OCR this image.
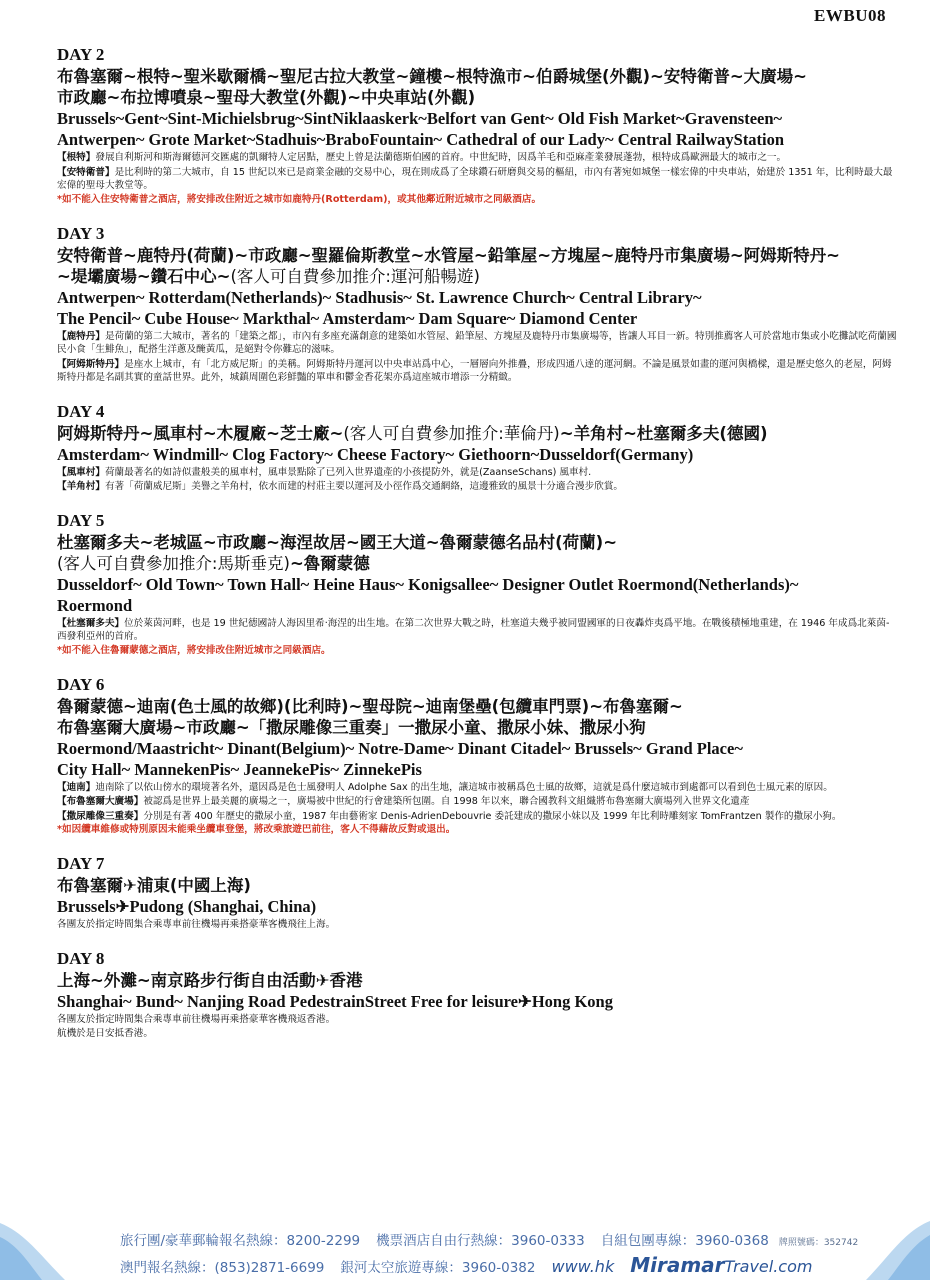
EWBU08
DAY 2
布魯塞爾~根特~聖米歇爾橋~聖尼古拉大教堂~鐘樓~根特漁市~伯爵城堡(外觀)~安特衛普~大廣場~
市政廳~布拉博噴泉~聖母大教堂(外觀)~中央車站(外觀)
Brussels~Gent~Sint-Michielsbrug~SintNiklaaskerk~Belfort van Gent~ Old Fish Market~Gravensteen~
Antwerpen~ Grote Market~Stadhuis~BraboFountain~ Cathedral of our Lady~ Central RailwayStation
【根特】發展自利斯河和斯海爾德河交匯處的凱爾特人定居點，歷史上曾是法蘭德斯伯國的首府。中世紀時，因爲羊毛和亞麻產業發展蓬勃，根特成爲歐洲最大的城市之一。
【安特衛普】是比利時的第二大城市，自 15 世紀以來已是商業金融的交易中心，現在則成爲了全球鑽石研磨與交易的樞紐，市內有著宛如城堡一樣宏偉的中央車站，始建於 1351 年，比利時最大最宏偉的聖母大教堂等。
*如不能入住安特衛普之酒店，將安排改住附近之城市如鹿特丹(Rotterdam)，或其他鄰近附近城市之同級酒店。
DAY 3
安特衛普~鹿特丹(荷蘭)~市政廳~聖羅倫斯教堂~水管屋~鉛筆屋~方塊屋~鹿特丹市集廣場~阿姆斯特丹~
~堤壩廣場~鑽石中心~(客人可自費參加推介:運河船暢遊)
Antwerpen~ Rotterdam(Netherlands)~ Stadhusis~ St. Lawrence Church~ Central Library~
The Pencil~ Cube House~ Markthal~ Amsterdam~ Dam Square~ Diamond Center
【鹿特丹】是荷蘭的第二大城市，著名的「建築之都」，市內有多座充滿創意的建築如水管屋、鉛筆屋、方塊屋及鹿特丹市集廣場等，皆讓人耳目一新。特別推薦客人可於當地市集或小吃攤試吃荷蘭國民小食「生鯡魚」，配搭生洋蔥及醃黃瓜，是絕對令你難忘的滋味。
【阿姆斯特丹】是座水上城市，有「北方威尼斯」的美稱。阿姆斯特丹運河以中央車站爲中心，一層層向外推疊，形成四通八達的運河網。不論是風景如畫的運河與橋樑，還是歷史悠久的老屋，阿姆斯特丹都是名副其實的童話世界。此外，城鎮周圍色彩鮮豔的單車和鬱金香花架亦爲這座城市增添一分精緻。
DAY 4
阿姆斯特丹~風車村~木履廠~芝士廠~(客人可自費參加推介:華倫丹)~羊角村~杜塞爾多夫(德國)
Amsterdam~ Windmill~ Clog Factory~ Cheese Factory~ Giethoorn~Dusseldorf(Germany)
【風車村】荷蘭最著名的如詩似畫般美的風車村，風車景點除了已列入世界遺產的小孩提防外，就是(ZaanseSchans) 風車村.
【羊角村】有著「荷蘭威尼斯」美譽之羊角村，依水而建的村莊主要以運河及小徑作爲交通網絡，這邊雅致的風景十分適合漫步欣賞。
DAY 5
杜塞爾多夫~老城區~市政廳~海涅故居~國王大道~魯爾蒙德名品村(荷蘭)~
(客人可自費參加推介:馬斯垂克)~魯爾蒙德
Dusseldorf~ Old Town~ Town Hall~ Heine Haus~ Konigsallee~ Designer Outlet Roermond(Netherlands)~
Roermond
【杜塞爾多夫】位於萊茵河畔，也是 19 世紀德國詩人海因里希·海涅的出生地。在第二次世界大戰之時，杜塞道夫幾乎被同盟國軍的日夜轟炸夷爲平地。在戰後積極地重建，在 1946 年成爲北萊茵-西發利亞州的首府。
*如不能入住魯爾蒙德之酒店，將安排改住附近城市之同級酒店。
DAY 6
魯爾蒙德~迪南(色士風的故鄉)(比利時)~聖母院~迪南堡壘(包纜車門票)~布魯塞爾~
布魯塞爾大廣場~市政廳~「撒尿雕像三重奏」一撒尿小童、撒尿小妹、撒尿小狗
Roermond/Maastricht~ Dinant(Belgium)~ Notre-Dame~ Dinant Citadel~ Brussels~ Grand Place~
City Hall~ MannekenPis~ JeannekePis~ ZinnekePis
【迪南】迪南除了以依山傍水的環境著名外，還因爲是色士風發明人 Adolphe Sax 的出生地，讓這城市被稱爲色士風的故鄉，這就是爲什麼這城市到處都可以看到色士風元素的原因。
【布魯塞爾大廣場】被認爲是世界上最美麗的廣場之一，廣場被中世紀的行會建築所包圍。自 1998 年以來，聯合國教科文組織將布魯塞爾大廣場列入世界文化遺產
【撒尿雕像三重奏】分別是有著 400 年歷史的撒尿小童，1987 年由藝術家 Denis-AdrienDebouvrie 委託建成的撒尿小妹以及 1999 年比利時雕刻家 TomFrantzen 製作的撒尿小狗。
*如因纜車維修或特別原因未能乘坐纜車登堡，將改乘旅遊巴前往，客人不得藉故反對或退出。
DAY 7
布魯塞爾✈浦東(中國上海)
Brussels✈Pudong (Shanghai, China)
各團友於指定時間集合乘專車前往機場再乘搭豪華客機飛往上海。
DAY 8
上海~外灘~南京路步行街自由活動✈香港
Shanghai~ Bund~ Nanjing Road PedestrainStreet Free for leisure✈Hong Kong
各團友於指定時間集合乘專車前往機場再乘搭豪華客機飛返香港。
航機於是日安抵香港。
旅行團/豪華郵輪報名熱線：8200-2299 機票酒店自由行熱線：3960-0333 自組包團專線：3960-0368 牌照號碼：352742
澳門報名熱線：(853)2871-6699 銀河太空旅遊專線：3960-0382 www.hk MiramarTravel.com
